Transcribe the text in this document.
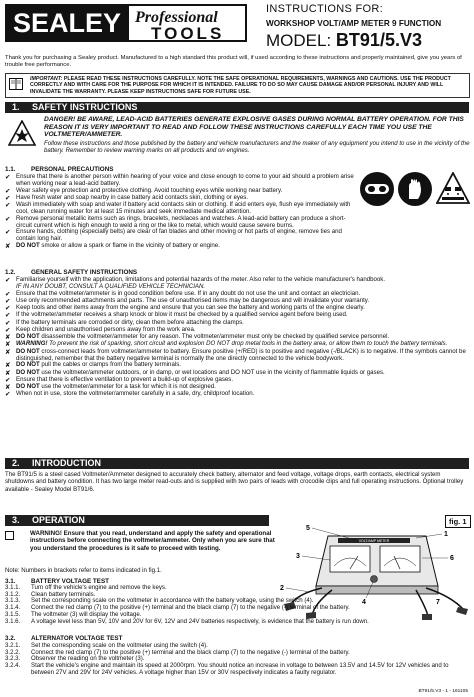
SEALEY Professional
TOOLS
INSTRUCTIONS FOR:
WORKSHOP VOLT/AMP METER 9 FUNCTION
MODEL: BT91/5.V3
Thank you for purchasing a Sealey product. Manufactured to a high standard this product will, if used according to these instructions and properly maintained, give you years of trouble free performance.
IMPORTANT: PLEASE READ THESE INSTRUCTIONS CAREFULLY. NOTE THE SAFE OPERATIONAL REQUIREMENTS, WARNINGS AND CAUTIONS. USE THE PRODUCT CORRECTLY AND WITH CARE FOR THE PURPOSE FOR WHICH IT IS INTENDED. FAILURE TO DO SO MAY CAUSE DAMAGE AND/OR PERSONAL INJURY AND WILL INVALIDATE THE WARRANTY. PLEASE KEEP INSTRUCTIONS SAFE FOR FUTURE USE.
1. SAFETY INSTRUCTIONS
DANGER! BE AWARE, LEAD-ACID BATTERIES GENERATE EXPLOSIVE GASES DURING NORMAL BATTERY OPERATION. FOR THIS REASON IT IS VERY IMPORTANT TO READ AND FOLLOW THESE INSTRUCTIONS CAREFULLY EACH TIME YOU USE THE VOLTMETER/AMMETER.
Follow these instructions and those published by the battery and vehicle manufacturers and the maker of any equipment you intend to use in the vicinity of the battery. Remember to review warning marks on all products and on engines.
1.1. PERSONAL PRECAUTIONS
✔ Ensure that there is another person within hearing of your voice and close enough to come to your aid should a problem arise when working near a lead-acid battery.
✔ Wear safety eye protection and protective clothing. Avoid touching eyes while working near battery.
✔ Have fresh water and soap nearby in case battery acid contacts skin, clothing or eyes.
✔ Wash immediately with soap and water if battery acid contacts skin or clothing. If acid enters eye, flush eye immediately with cool, clean running water for at least 15 minutes and seek immediate medical attention.
✔ Remove personal metallic items such as rings, bracelets, necklaces and watches. A lead-acid battery can produce a short-circuit current which is high enough to weld a ring or the like to metal, which would cause severe burns.
✔ Ensure hands, clothing (especially belts) are clear of fan blades and other moving or hot parts of engine, remove ties and contain long hair.
✘ DO NOT smoke or allow a spark or flame in the vicinity of battery or engine.
1.2. GENERAL SAFETY INSTRUCTIONS
✔ Familiarise yourself with the application, limitations and potential hazards of the meter. Also refer to the vehicle manufacturer's handbook.
IF IN ANY DOUBT, CONSULT A QUALIFIED VEHICLE TECHNICIAN.
✔ Ensure that the voltmeter/ammeter is in good condition before use. If in any doubt do not use the unit and contact an electrician.
✔ Use only recommended attachments and parts. The use of unauthorised items may be dangerous and will invalidate your warranty.
✔ Keep tools and other items away from the engine and ensure that you can see the battery and working parts of the engine clearly.
✔ If the voltmeter/ammeter receives a sharp knock or blow it must be checked by a qualified service agent before being used.
✔ If the battery terminals are corroded or dirty, clean them before attaching the clamps.
✔ Keep children and unauthorised persons away from the work area.
✘ DO NOT disassemble the voltmeter/ammeter for any reason. The voltmeter/ammeter must only be checked by qualified service personnel.
✘ WARNING! To prevent the risk of sparking, short circuit and explosion DO NOT drop metal tools in the battery area, or allow them to touch the battery terminals.
✘ DO NOT cross-connect leads from voltmeter/ammeter to battery. Ensure positive (+/RED) is to positive and negative (-/BLACK) is to negative. If the symbols cannot be distinguished, remember that the battery negative terminal is normally the one directly connected to the vehicle bodywork.
✘ DO NOT pull the cables or clamps from the battery terminals.
✘ DO NOT use the voltmeter/ammeter outdoors, or in damp, or wet locations and DO NOT use in the vicinity of flammable liquids or gases.
✔ Ensure that there is effective ventilation to prevent a build-up of explosive gases.
✘ DO NOT use the voltmeter/ammeter for a task for which it is not designed.
✔ When not in use, store the voltmeter/ammeter carefully in a safe, dry, childproof location.
2. INTRODUCTION
The BT91/5 is a steel cased Voltmeter/Ammeter designed to accurately check battery, alternator and feed voltage, voltage drops, earth contacts, electrical system shutdowns and battery condition. It has two large meter read-outs and is supplied with two pairs of leads with crocodile clips and full operating instructions. Optional trolley available - Sealey Model BT91/6.
3. OPERATION	fig. 1
WARNING! Ensure that you read, understand and apply the safety and operational instructions before connecting the voltmeter/ammeter. Only when you are sure that you understand the procedures is it safe to proceed with testing.
Note: Numbers in brackets refer to items indicated in fig.1.
VOLT/AMP METER
5
1
6
3
4
2
7
3.1. BATTERY VOLTAGE TEST
3.1.1.	Turn off the vehicle's engine and remove the keys.
3.1.2.	Clean battery terminals.
3.1.3.	Set the corresponding scale on the voltmeter in accordance with the battery voltage, using the switch (4).
3.1.4.	Connect the red clamp (7) to the positive (+) terminal and the black clamp (7) to the negative (-) terminal of the battery.
3.1.5.	The voltmeter (3) will display the voltage.
3.1.6.	A voltage level less than 5V, 10V and 20V for 6V, 12V and 24V batteries respectively, is evidence that the battery is run down.
3.2. ALTERNATOR VOLTAGE TEST
3.2.1.	Set the corresponding scale on the voltmeter using the switch (4).
3.2.2.	Connect the red clamp (7) to the positive (+) terminal and the black clamp (7) to the negative (-) terminal of the battery.
3.2.3.	Observer the reading on the voltmeter (3).
3.2.4.	Start the vehicle's engine and maintain its speed at 2000rpm. You should notice an increase in voltage to between 13.5V and 14.5V for 12V vehicles and to between 27V and 29V for 24V vehicles. A voltage higher than 15V or 30V respectively indicates a faulty regulator.
BT91/5.V3 - 1 - 161105
